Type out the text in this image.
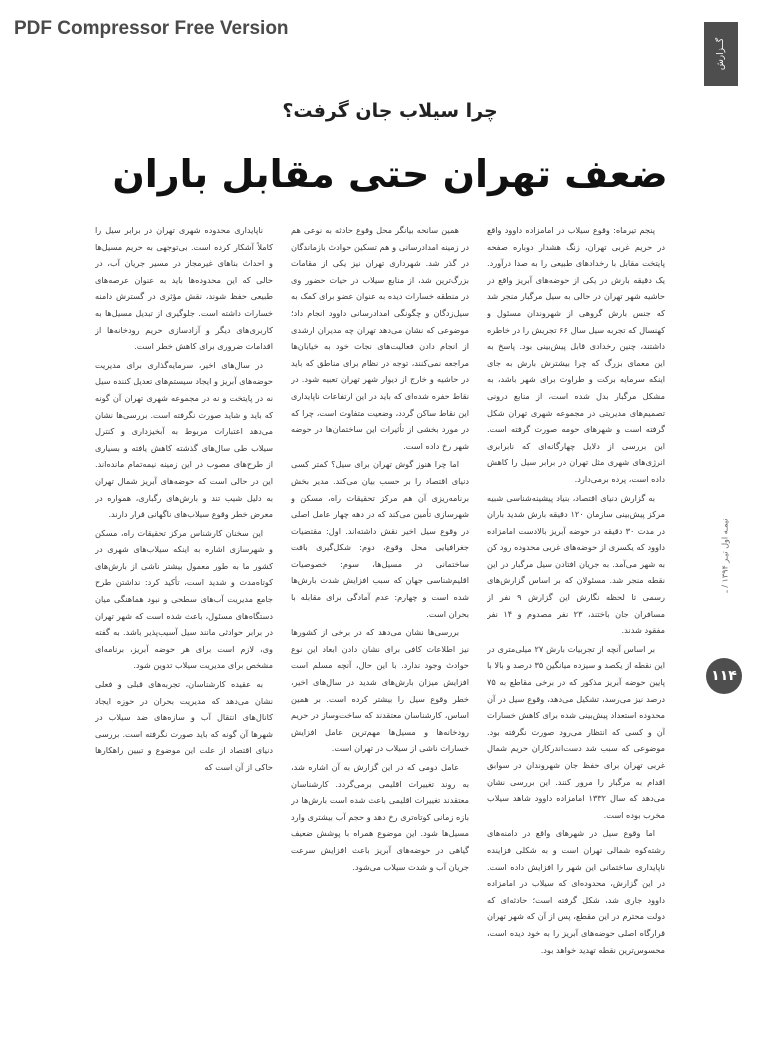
PDF Compressor Free Version
گــزارش
نیمـه اول تیـر ۱۳۹۴ / ـ
۱۱۴
چرا سیلاب جان گرفت؟
ضعف تهران حتی مقابل باران

پنجم تیرماه: وقوع سیلاب در امامزاده داوود واقع در حریم غربی تهران، زنگ هشدار دوباره صفحه پایتخت مقابل با رخدادهای طبیعی را به صدا درآورد. یک دقیقه بارش در یکی از حوضه‌های آبریز واقع در حاشیه شهر تهران در حالی به سیل مرگبار منجر شد که جنس بارش گروهی از شهروندان مسئول و کهنسال که تجربه سیل سال ۶۶ تجریش را در خاطره داشتند، چنین رخدادی قابل پیش‌بینی بود. پاسخ به این معمای بزرگ که چرا بیشترش بارش به جای اینکه سرمایه برکت و طراوت برای شهر باشد، به مشکل مرگبار بدل شده است، از منابع درونی تصمیم‌های مدیریتی در مجموعه شهری تهران شکل گرفته است و شهرهای حومه صورت گرفته است. این بررسی از دلایل چهارگانه‌ای که نابرابری انرژی‌های شهری مثل تهران در برابر سیل را کاهش داده است، پرده برمی‌دارد.

به گزارش دنیای اقتصاد، بنیاد پیشینه‌شناسی شبیه مرکز پیش‌بینی سازمان ۱۲۰ دقیقه بارش شدید باران در مدت ۳۰ دقیقه در حوضه آبریز بالادست امامزاده داوود که یکسری از حوضه‌های غربی محدوده رود کن به شهر می‌آمد. به جریان افتادن سیل مرگبار در این نقطه منجر شد. مسئولان که بر اساس گزارش‌های رسمی تا لحظه نگارش این گزارش ۹ نفر از مسافران جان باختند، ۲۳ نفر مصدوم و ۱۴ نفر مفقود شدند.

بر اساس آنچه از تجربیات بارش ۲۷ میلی‌متری در این نقطه از یکصد و سیزده میانگین ۳۵ درصد و بالا با پایین حوضه آبریز مذکور که در برخی مقاطع به ۷۵ درصد نیز می‌رسد، تشکیل می‌دهد، وقوع سیل در آن محدوده استعداد پیش‌بینی شده برای کاهش خسارات آن و کسی که انتظار می‌رود صورت نگرفته بود. موضوعی که سبب شد دست‌اندرکاران حریم شمال غربی تهران برای حفظ جان شهروندان در سوابق اقدام به مرگبار را مرور کنند. این بررسی نشان می‌دهد که سال ۱۳۳۲ امامزاده داوود شاهد سیلاب مخرب بوده است.

اما وقوع سیل در شهرهای واقع در دامنه‌های رشته‌کوه شمالی تهران است و به شکلی فزاینده ناپایداری ساختمانی این شهر را افزایش داده است. در این گزارش، محدوده‌ای که سیلاب در امامزاده داوود جاری شد، شکل گرفته است؛ حادثه‌ای که دولت محترم در این مقطع، پس از آن که شهر تهران قرارگاه اصلی حوضه‌های آبریز را به خود دیده است، محسوس‌ترین نقطه تهدید خواهد بود.

همین سانحه بیانگر محل وقوع حادثه به نوعی هم در زمینه امدادرسانی و هم تسکین حوادث بازماندگان در گذر شد. شهرداری تهران نیز یکی از مقامات بزرگ‌ترین شد، از منابع سیلاب در حیات حضور وی در منطقه خسارات دیده به عنوان عضو برای کمک به سیل‌زدگان و چگونگی امدادرسانی داوود انجام داد؛ موضوعی که نشان می‌دهد تهران چه مدیران ارشدی از انجام دادن فعالیت‌های نجات خود به خیابان‌ها مراجعه نمی‌کنند، توجه در نظام برای مناطق که باید در حاشیه و خارج از دیوار شهر تهران تعبیه شود. در نقاط حفره شده‌ای که باید در این ارتفاعات ناپایداری این نقاط ساکن گردد، وضعیت متفاوت است، چرا که در مورد بخشی از تأثیرات این ساختمان‌ها در حوضه شهر رخ داده است.

اما چرا هنوز گوش تهران برای سیل؟ کمتر کسی دنیای اقتصاد را بر حسب بیان می‌کند. مدیر بخش برنامه‌ریزی آن هم مرکز تحقیقات راه، مسکن و شهرسازی تأمین می‌کند که در دهه چهار عامل اصلی در وقوع سیل اخیر نقش داشته‌اند. اول: مقتضیات جغرافیایی محل وقوع، دوم: شکل‌گیری بافت ساختمانی در مسیل‌ها، سوم: خصوصیات اقلیم‌شناسی جهان که سبب افزایش شدت بارش‌ها شده است و چهارم: عدم آمادگی برای مقابله با بحران است.

بررسی‌ها نشان می‌دهد که در برخی از کشورها نیز اطلاعات کافی برای نشان دادن ابعاد این نوع حوادث وجود ندارد. با این حال، آنچه مسلم است افزایش میزان بارش‌های شدید در سال‌های اخیر، خطر وقوع سیل را بیشتر کرده است. بر همین اساس، کارشناسان معتقدند که ساخت‌وساز در حریم رودخانه‌ها و مسیل‌ها مهم‌ترین عامل افزایش خسارات ناشی از سیلاب در تهران است.

عامل دومی که در این گزارش به آن اشاره شد، به روند تغییرات اقلیمی برمی‌گردد. کارشناسان معتقدند تغییرات اقلیمی باعث شده است بارش‌ها در بازه زمانی کوتاه‌تری رخ دهد و حجم آب بیشتری وارد مسیل‌ها شود. این موضوع همراه با پوشش ضعیف گیاهی در حوضه‌های آبریز باعث افزایش سرعت جریان آب و شدت سیلاب می‌شود.

ناپایداری محدوده شهری تهران در برابر سیل را کاملاً آشکار کرده است. بی‌توجهی به حریم مسیل‌ها و احداث بناهای غیرمجاز در مسیر جریان آب، در حالی که این محدوده‌ها باید به عنوان عرصه‌های طبیعی حفظ شوند، نقش مؤثری در گسترش دامنه خسارات داشته است. جلوگیری از تبدیل مسیل‌ها به کاربری‌های دیگر و آزادسازی حریم رودخانه‌ها از اقدامات ضروری برای کاهش خطر است.

در سال‌های اخیر، سرمایه‌گذاری برای مدیریت حوضه‌های آبریز و ایجاد سیستم‌های تعدیل کننده سیل نه در پایتخت و نه در مجموعه شهری تهران آن گونه که باید و شاید صورت نگرفته است. بررسی‌ها نشان می‌دهد اعتبارات مربوط به آبخیزداری و کنترل سیلاب طی سال‌های گذشته کاهش یافته و بسیاری از طرح‌های مصوب در این زمینه نیمه‌تمام مانده‌اند. این در حالی است که حوضه‌های آبریز شمال تهران به دلیل شیب تند و بارش‌های رگباری، همواره در معرض خطر وقوع سیلاب‌های ناگهانی قرار دارند.

این سخنان کارشناس مرکز تحقیقات راه، مسکن و شهرسازی اشاره به اینکه سیلاب‌های شهری در کشور ما به طور معمول بیشتر ناشی از بارش‌های کوتاه‌مدت و شدید است، تأکید کرد: نداشتن طرح جامع مدیریت آب‌های سطحی و نبود هماهنگی میان دستگاه‌های مسئول، باعث شده است که شهر تهران در برابر حوادثی مانند سیل آسیب‌پذیر باشد. به گفته وی، لازم است برای هر حوضه آبریز، برنامه‌ای مشخص برای مدیریت سیلاب تدوین شود.

به عقیده کارشناسان، تجربه‌های قبلی و فعلی نشان می‌دهد که مدیریت بحران در حوزه ایجاد کانال‌های انتقال آب و سازه‌های ضد سیلاب در شهرها آن گونه که باید صورت نگرفته است. بررسی دنیای اقتصاد از علت این موضوع و تبیین راهکارها حاکی از آن است که
